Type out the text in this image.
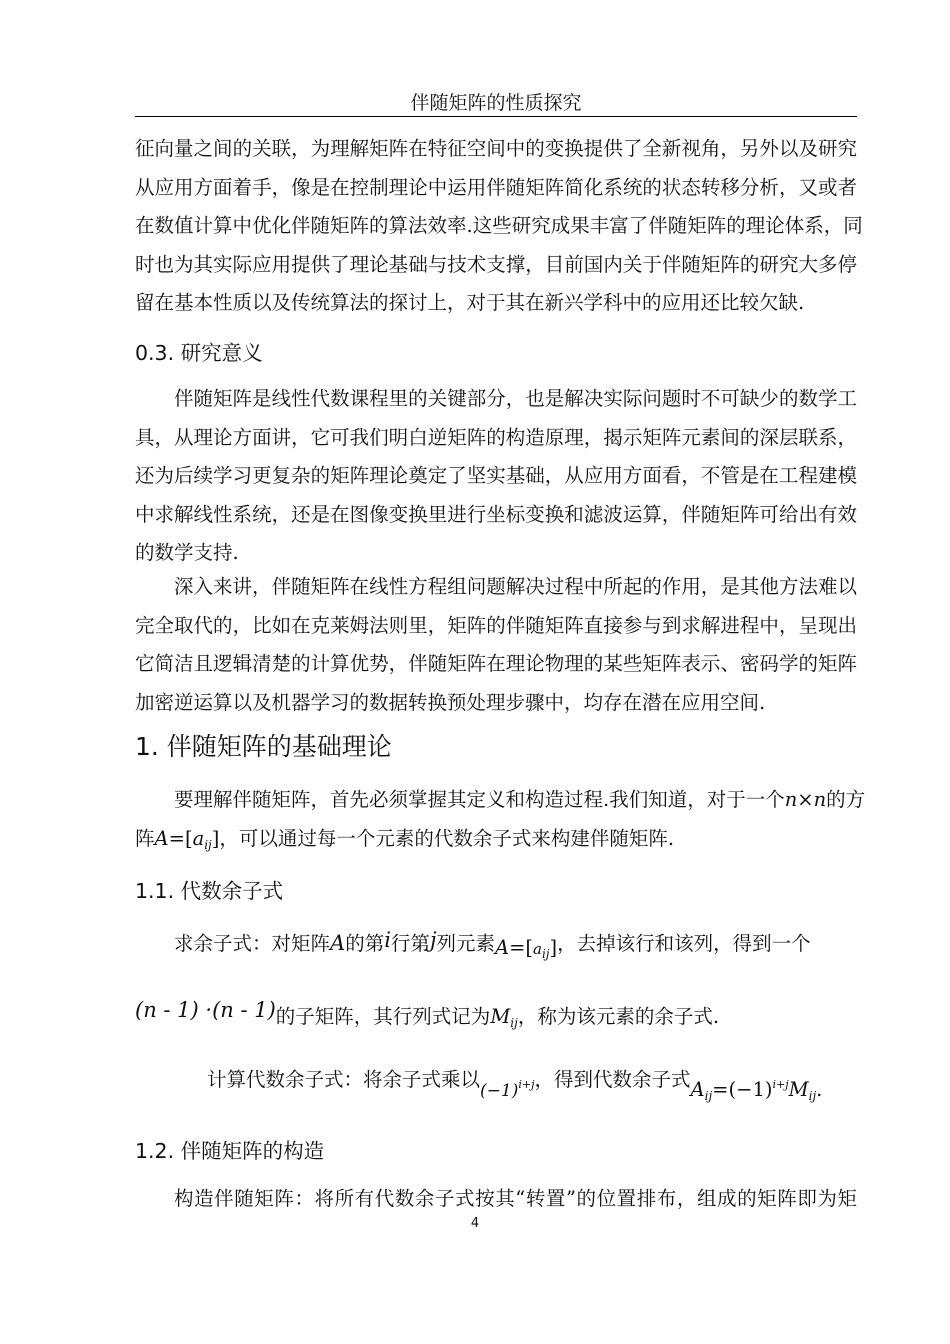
伴随矩阵的性质探究
征向量之间的关联，为理解矩阵在特征空间中的变换提供了全新视角，另外以及研究
从应用方面着手，像是在控制理论中运用伴随矩阵简化系统的状态转移分析，又或者
在数值计算中优化伴随矩阵的算法效率.这些研究成果丰富了伴随矩阵的理论体系，同
时也为其实际应用提供了理论基础与技术支撑，目前国内关于伴随矩阵的研究大多停
留在基本性质以及传统算法的探讨上，对于其在新兴学科中的应用还比较欠缺.
0.3. 研究意义
伴随矩阵是线性代数课程里的关键部分，也是解决实际问题时不可缺少的数学工
具，从理论方面讲，它可我们明白逆矩阵的构造原理，揭示矩阵元素间的深层联系，
还为后续学习更复杂的矩阵理论奠定了坚实基础，从应用方面看，不管是在工程建模
中求解线性系统，还是在图像变换里进行坐标变换和滤波运算，伴随矩阵可给出有效
的数学支持.
深入来讲，伴随矩阵在线性方程组问题解决过程中所起的作用，是其他方法难以
完全取代的，比如在克莱姆法则里，矩阵的伴随矩阵直接参与到求解进程中，呈现出
它简洁且逻辑清楚的计算优势，伴随矩阵在理论物理的某些矩阵表示、密码学的矩阵
加密逆运算以及机器学习的数据转换预处理步骤中，均存在潜在应用空间.
1. 伴随矩阵的基础理论
要理解伴随矩阵，首先必须掌握其定义和构造过程.我们知道，对于一个n×n的方
阵$A=[a_{ij}]$，可以通过每一个元素的代数余子式来构建伴随矩阵.
1.1. 代数余子式
求余子式：对矩阵A的第i行第j列元素$A=[_{aij}]$，去掉该行和该列，得到一个
(n - 1) ·(n - 1)的子矩阵，其行列式记为$M_{ij}$，称为该元素的余子式.
计算代数余子式：将余子式乘以(−1)i+j，得到代数余子式$A_{ij}=(-1)i+jM_{ij}$.
1.2. 伴随矩阵的构造
构造伴随矩阵：将所有代数余子式按其“转置”的位置排布，组成的矩阵即为矩
4
